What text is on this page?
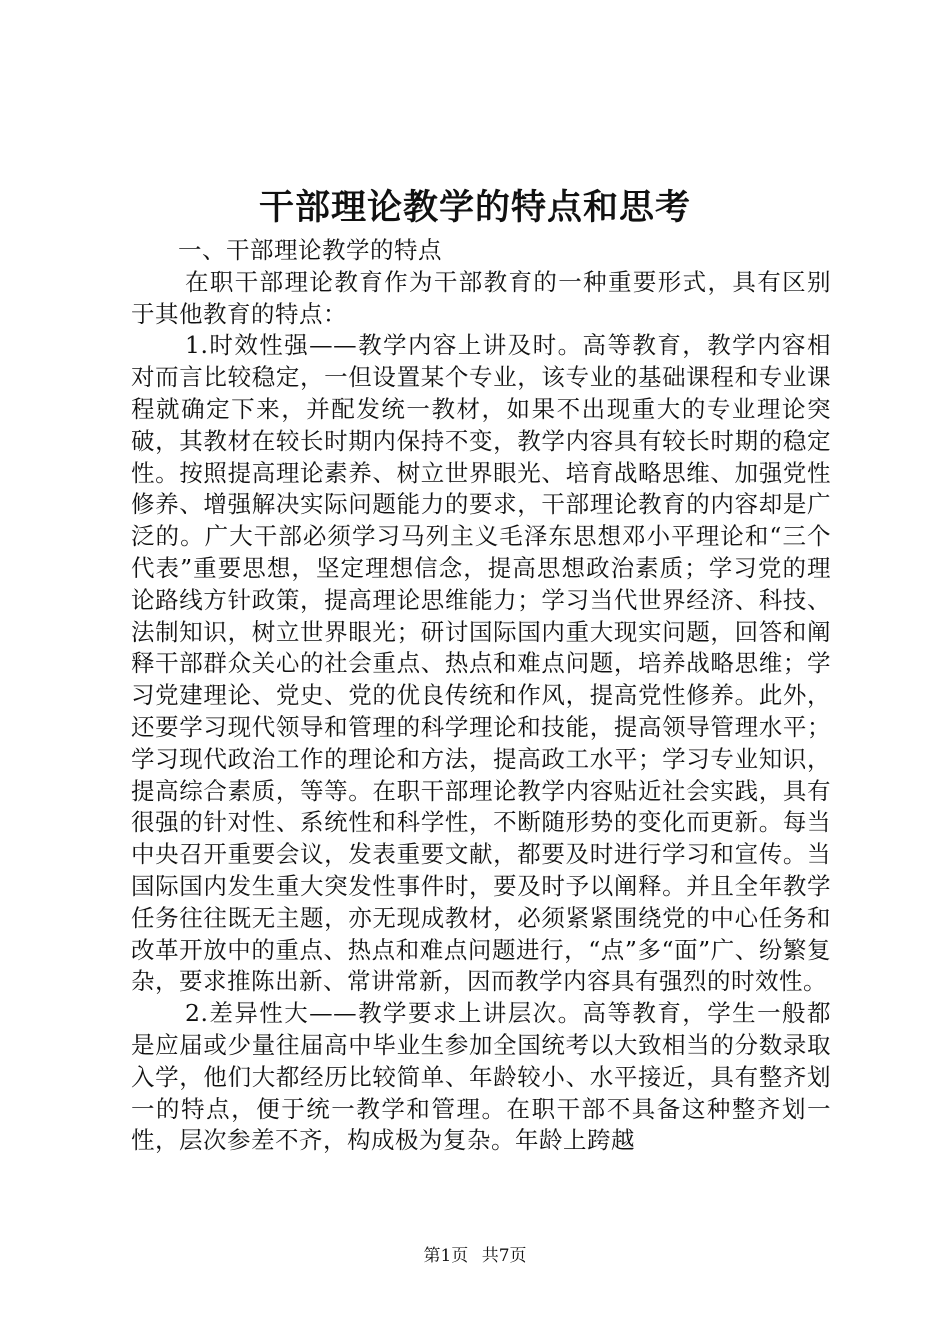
干部理论教学的特点和思考

一、干部理论教学的特点

在职干部理论教育作为干部教育的一种重要形式，具有区别于其他教育的特点：

1.时效性强——教学内容上讲及时。高等教育，教学内容相对而言比较稳定，一但设置某个专业，该专业的基础课程和专业课程就确定下来，并配发统一教材，如果不出现重大的专业理论突破，其教材在较长时期内保持不变，教学内容具有较长时期的稳定性。按照提高理论素养、树立世界眼光、培育战略思维、加强党性修养、增强解决实际问题能力的要求，干部理论教育的内容却是广泛的。广大干部必须学习马列主义毛泽东思想邓小平理论和“三个代表”重要思想，坚定理想信念，提高思想政治素质；学习党的理论路线方针政策，提高理论思维能力；学习当代世界经济、科技、法制知识，树立世界眼光；研讨国际国内重大现实问题，回答和阐释干部群众关心的社会重点、热点和难点问题，培养战略思维；学习党建理论、党史、党的优良传统和作风，提高党性修养。此外，还要学习现代领导和管理的科学理论和技能，提高领导管理水平；学习现代政治工作的理论和方法，提高政工水平；学习专业知识，提高综合素质，等等。在职干部理论教学内容贴近社会实践，具有很强的针对性、系统性和科学性，不断随形势的变化而更新。每当中央召开重要会议，发表重要文献，都要及时进行学习和宣传。当国际国内发生重大突发性事件时，要及时予以阐释。并且全年教学任务往往既无主题，亦无现成教材，必须紧紧围绕党的中心任务和改革开放中的重点、热点和难点问题进行，“点”多“面”广、纷繁复杂，要求推陈出新、常讲常新，因而教学内容具有强烈的时效性。

2.差异性大——教学要求上讲层次。高等教育，学生一般都是应届或少量往届高中毕业生参加全国统考以大致相当的分数录取入学，他们大都经历比较简单、年龄较小、水平接近，具有整齐划一的特点，便于统一教学和管理。在职干部不具备这种整齐划一性，层次参差不齐，构成极为复杂。年龄上跨越

第1页 共7页
